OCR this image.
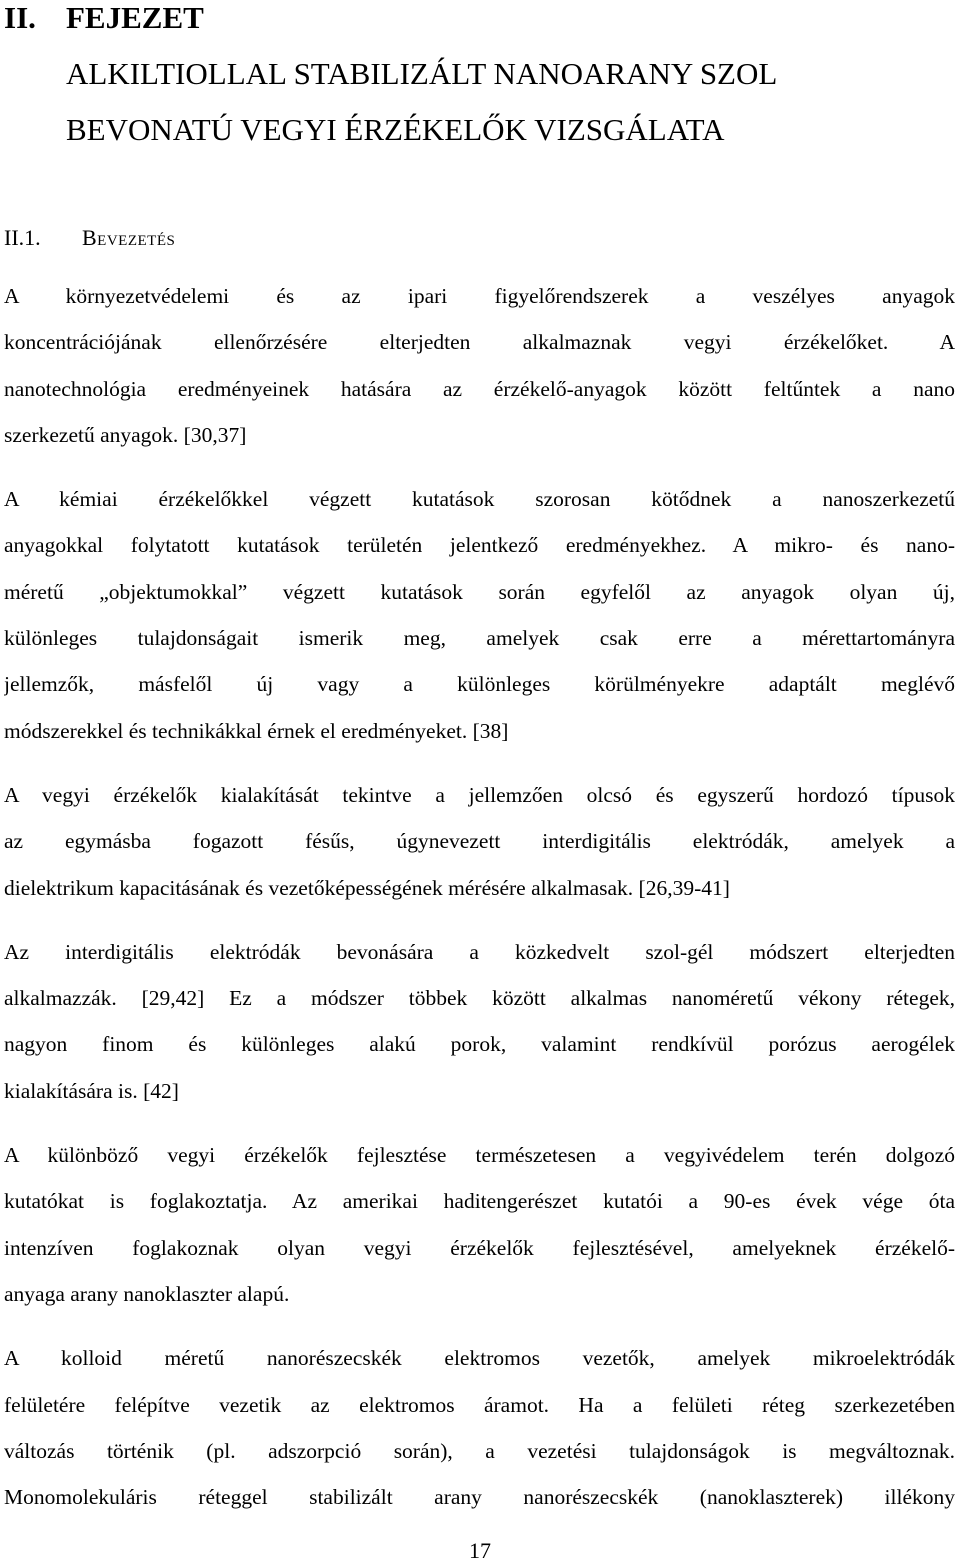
II. FEJEZET
ALKILTIOLLAL STABILIZÁLT NANOARANY SZOL
BEVONATÚ VEGYI ÉRZÉKELŐK VIZSGÁLATA
II.1. Bevezetés

A környezetvédelemi és az ipari figyelőrendszerek a veszélyes anyagok
koncentrációjának ellenőrzésére elterjedten alkalmaznak vegyi érzékelőket. A
nanotechnológia eredményeinek hatására az érzékelő-anyagok között feltűntek a nano
szerkezetű anyagok. [30,37]

A kémiai érzékelőkkel végzett kutatások szorosan kötődnek a nanoszerkezetű
anyagokkal folytatott kutatások területén jelentkező eredményekhez. A mikro- és nano-
méretű „objektumokkal” végzett kutatások során egyfelől az anyagok olyan új,
különleges tulajdonságait ismerik meg, amelyek csak erre a mérettartományra
jellemzők, másfelől új vagy a különleges körülményekre adaptált meglévő
módszerekkel és technikákkal érnek el eredményeket. [38]

A vegyi érzékelők kialakítását tekintve a jellemzően olcsó és egyszerű hordozó típusok
az egymásba fogazott fésűs, úgynevezett interdigitális elektródák, amelyek a
dielektrikum kapacitásának és vezetőképességének mérésére alkalmasak. [26,39-41]

Az interdigitális elektródák bevonására a közkedvelt szol-gél módszert elterjedten
alkalmazzák. [29,42] Ez a módszer többek között alkalmas nanoméretű vékony rétegek,
nagyon finom és különleges alakú porok, valamint rendkívül porózus aerogélek
kialakítására is. [42]

A különböző vegyi érzékelők fejlesztése természetesen a vegyivédelem terén dolgozó
kutatókat is foglakoztatja. Az amerikai haditengerészet kutatói a 90-es évek vége óta
intenzíven foglakoznak olyan vegyi érzékelők fejlesztésével, amelyeknek érzékelő-
anyaga arany nanoklaszter alapú.

A kolloid méretű nanorészecskék elektromos vezetők, amelyek mikroelektródák
felületére felépítve vezetik az elektromos áramot. Ha a felületi réteg szerkezetében
változás történik (pl. adszorpció során), a vezetési tulajdonságok is megváltoznak.
Monomolekuláris réteggel stabilizált arany nanorészecskék (nanoklaszterek) illékony

17
